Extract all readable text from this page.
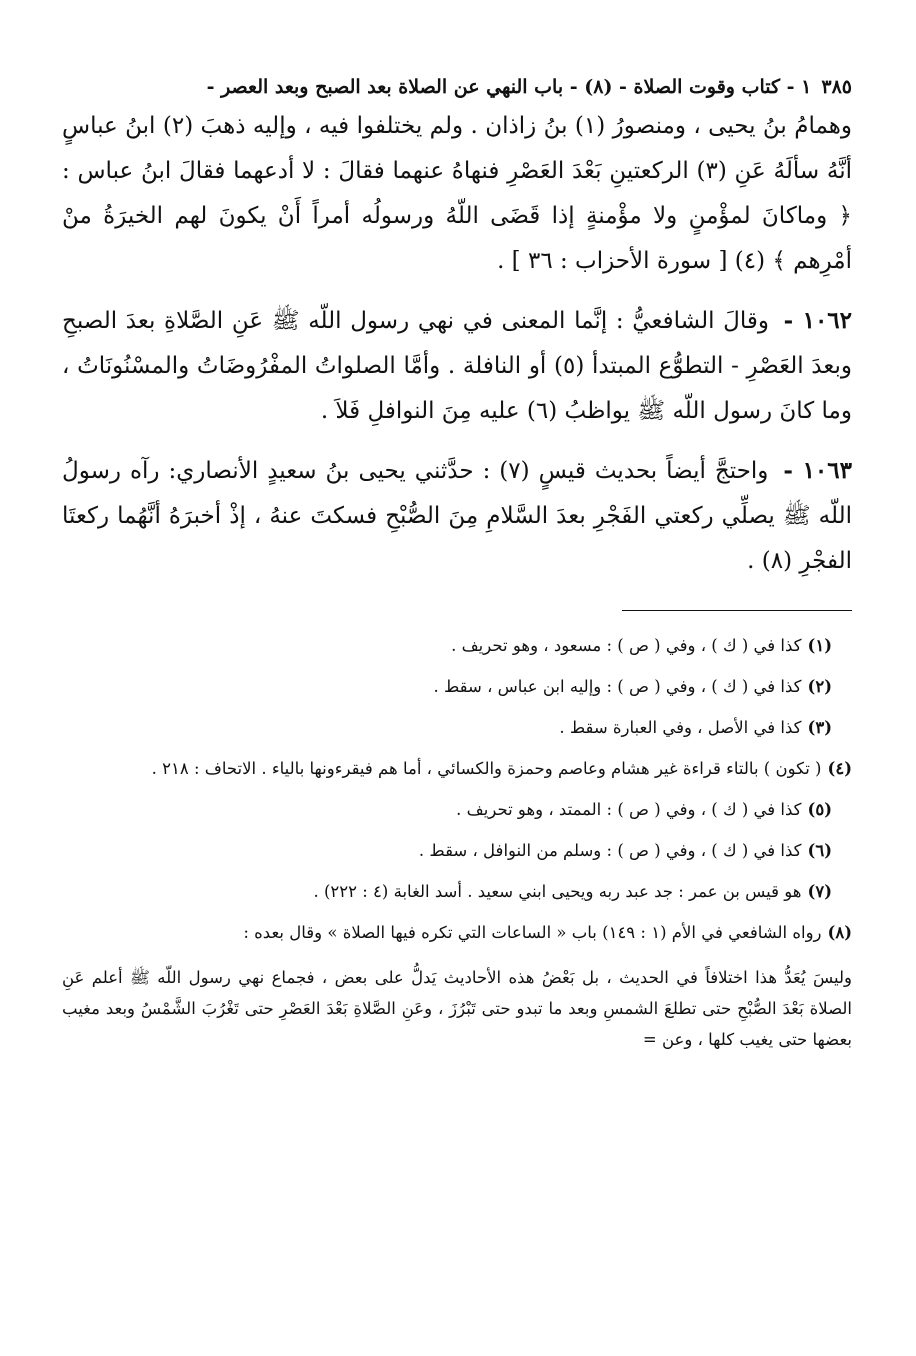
٣٨٥
١ - كتاب وقوت الصلاة - (٨) - باب النهي عن الصلاة بعد الصبح وبعد العصر -

وهمامُ بنُ يحيى ، ومنصورُ (١) بنُ زاذان . ولم يختلفوا فيه ، وإليه ذهبَ (٢) ابنُ عباسٍ أنَّهُ سألَهُ عَنِ (٣) الركعتينِ بَعْدَ العَصْرِ فنهاهُ عنهما فقالَ : لا أدعهما فقالَ ابنُ عباس : ﴿ وماكانَ لمؤْمنٍ ولا مؤْمنةٍ إذا قَضَى اللّهُ ورسولُه أمراً أَنْ يكونَ لهم الخيرَةُ منْ أمْرِهم ﴾ (٤) [ سورة الأحزاب : ٣٦ ] .

١٠٦٢ - وقالَ الشافعيُّ : إنَّما المعنى في نهي رسول اللّه ﷺ عَنِ الصَّلاةِ بعدَ الصبحِ وبعدَ العَصْرِ - التطوُّع المبتدأ (٥) أو النافلة . وأمَّا الصلواتُ المفْرُوضَاتُ والمسْنُونَاتُ ، وما كانَ رسول اللّه ﷺ يواظبُ (٦) عليه مِنَ النوافلِ فَلاَ .

١٠٦٣ - واحتجَّ أيضاً بحديث قيسٍ (٧) : حدَّثني يحيى بنُ سعيدٍ الأنصاري: رآه رسولُ اللّه ﷺ يصلِّي ركعتي الفَجْرِ بعدَ السَّلامِ مِنَ الصُّبْحِ فسكتَ عنهُ ، إذْ أخبرَهُ أنَّهُما ركعتَا الفجْرِ (٨) .

(١)كذا في ( ك ) ، وفي ( ص ) : مسعود ، وهو تحريف .

(٢)كذا في ( ك ) ، وفي ( ص ) : وإليه ابن عباس ، سقط .

(٣)كذا في الأصل ، وفي العبارة سقط .

(٤)( تكون ) بالتاء قراءة غير هشام وعاصم وحمزة والكسائي ، أما هم فيقرءونها بالياء . الاتحاف : ٢١٨ .

(٥)كذا في ( ك ) ، وفي ( ص ) : الممتد ، وهو تحريف .

(٦)كذا في ( ك ) ، وفي ( ص ) : وسلم من النوافل ، سقط .

(٧)هو قيس بن عمر : جد عبد ربه ويحيى ابني سعيد . أسد الغابة (٤ : ٢٢٢) .

(٨)رواه الشافعي في الأم (١ : ١٤٩) باب « الساعات التي تكره فيها الصلاة » وقال بعده :

وليسَ يُعَدُّ هذا اختلافاً في الحديث ، بل بَعْضُ هذه الأحاديث يَدلُّ على بعض ، فجماع نهي رسول اللّه ﷺ أعلم عَنِ الصلاة بَعْدَ الصُّبْحِ حتى تطلعَ الشمسِ وبعد ما تبدو حتى تَبْرُزَ ، وعَنِ الصَّلاةِ بَعْدَ العَصْرِ حتى تَغْرُبَ الشَّمْسُ وبعد مغيب بعضها حتى يغيب كلها ، وعن =
